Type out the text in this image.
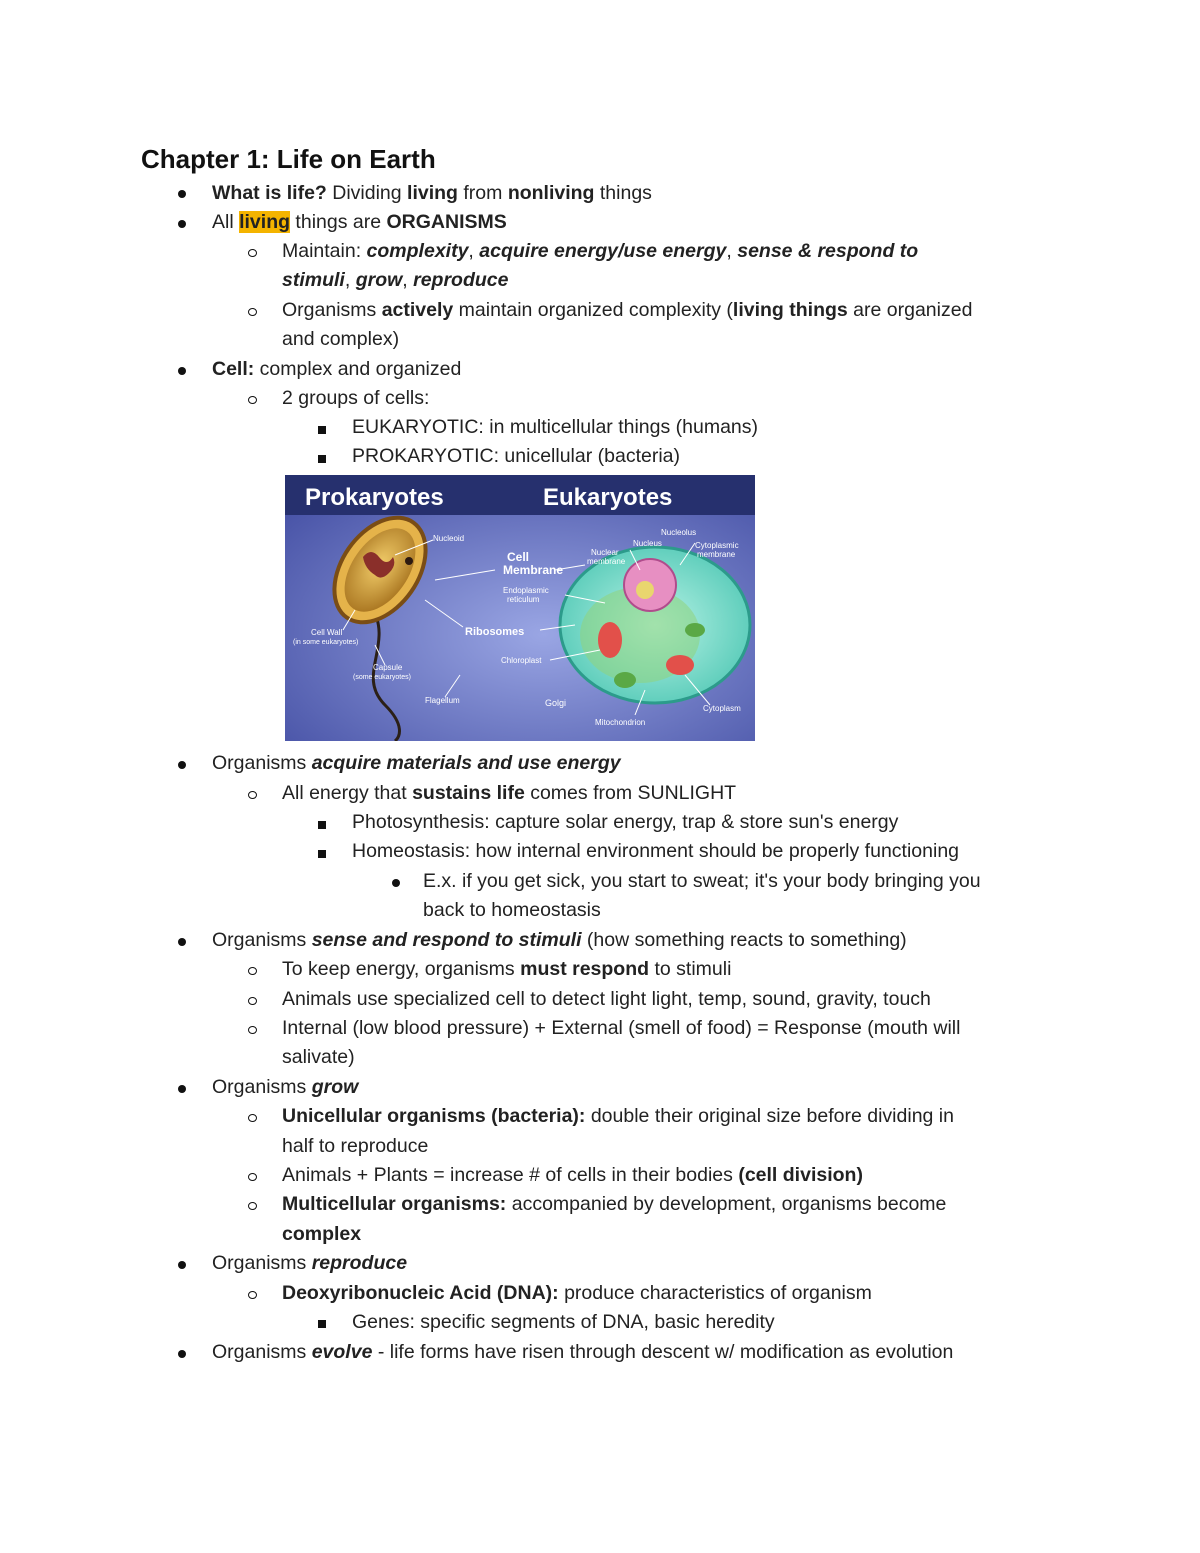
Chapter 1: Life on Earth
What is life? Dividing living from nonliving things
All living things are ORGANISMS
Maintain: complexity, acquire energy/use energy, sense & respond to
stimuli, grow, reproduce
Organisms actively maintain organized complexity (living things are organized
and complex)
Cell: complex and organized
2 groups of cells:
EUKARYOTIC: in multicellular things (humans)
PROKARYOTIC: unicellular (bacteria)
Organisms acquire materials and use energy
All energy that sustains life comes from SUNLIGHT
Photosynthesis: capture solar energy, trap & store sun's energy
Homeostasis: how internal environment should be properly functioning
E.x. if you get sick, you start to sweat; it's your body bringing you
back to homeostasis
Organisms sense and respond to stimuli (how something reacts to something)
To keep energy, organisms must respond to stimuli
Animals use specialized cell to detect light light, temp, sound, gravity, touch
Internal (low blood pressure) + External (smell of food) = Response (mouth will
salivate)
Organisms grow
Unicellular organisms (bacteria): double their original size before dividing in
half to reproduce
Animals + Plants = increase # of cells in their bodies (cell division)
Multicellular organisms: accompanied by development, organisms become
complex
Organisms reproduce
Deoxyribonucleic Acid (DNA): produce characteristics of organism
Genes: specific segments of DNA, basic heredity
Organisms evolve - life forms have risen through descent w/ modification as evolution
Prokaryotes	Eukaryotes
Nucleoid
Cell
Membrane
Ribosomes
Cell Wall
(in some eukaryotes)
Capsule
(some eukaryotes)
Flagellum
Nucleolus
Nucleus	Cytoplasmic
membrane
Nuclear
membrane
Endoplasmic
reticulum
Chloroplast
Golgi
Mitochondrion
Cytoplasm
